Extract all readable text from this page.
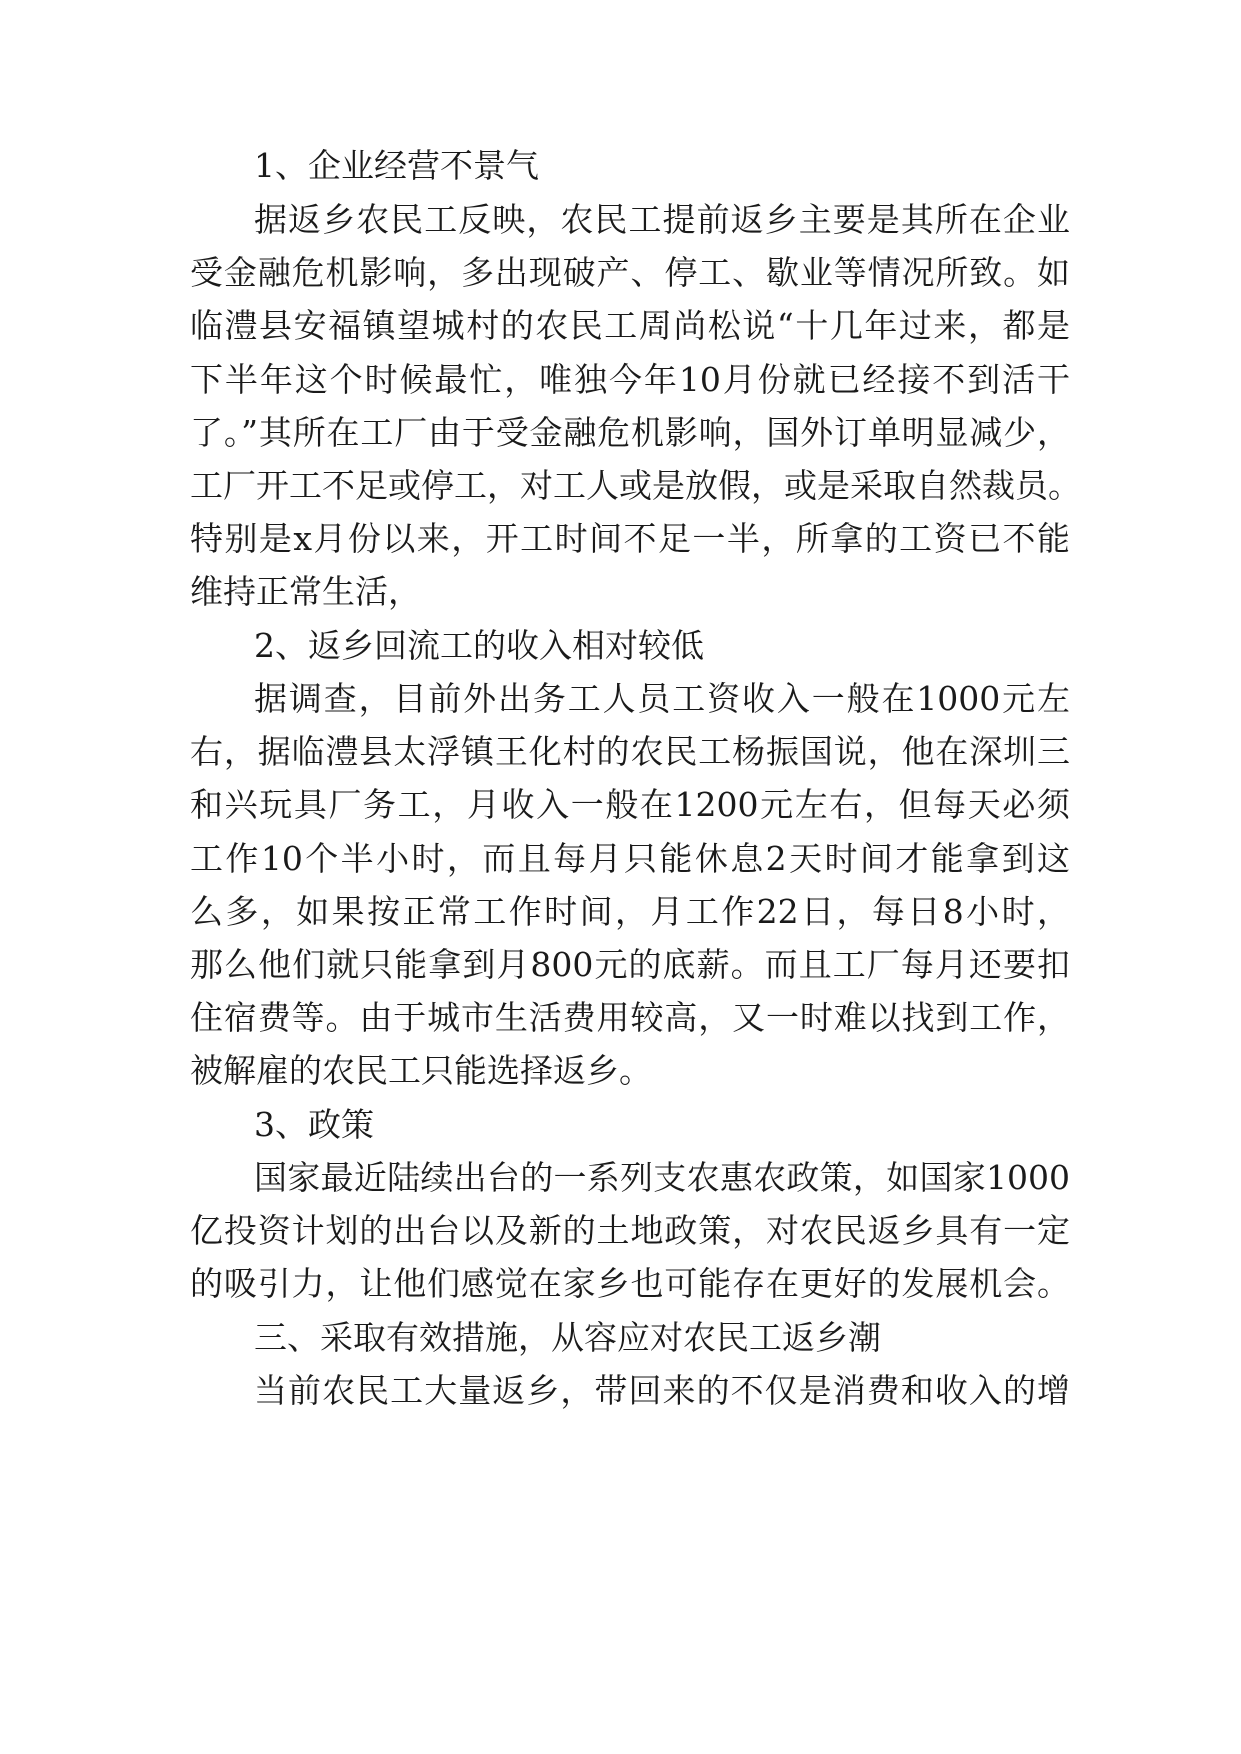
1、企业经营不景气
据返乡农民工反映，农民工提前返乡主要是其所在企业
受金融危机影响，多出现破产、停工、歇业等情况所致。如
临澧县安福镇望城村的农民工周尚松说“十几年过来，都是
下半年这个时候最忙，唯独今年10月份就已经接不到活干
了。”其所在工厂由于受金融危机影响，国外订单明显减少，
工厂开工不足或停工，对工人或是放假，或是采取自然裁员。
特别是x月份以来，开工时间不足一半，所拿的工资已不能
维持正常生活，
2、返乡回流工的收入相对较低
据调查，目前外出务工人员工资收入一般在1000元左
右，据临澧县太浮镇王化村的农民工杨振国说，他在深圳三
和兴玩具厂务工，月收入一般在1200元左右，但每天必须
工作10个半小时，而且每月只能休息2天时间才能拿到这
么多，如果按正常工作时间，月工作22日，每日8小时，
那么他们就只能拿到月800元的底薪。而且工厂每月还要扣
住宿费等。由于城市生活费用较高，又一时难以找到工作，
被解雇的农民工只能选择返乡。
3、政策
国家最近陆续出台的一系列支农惠农政策，如国家1000
亿投资计划的出台以及新的土地政策，对农民返乡具有一定
的吸引力，让他们感觉在家乡也可能存在更好的发展机会。
三、采取有效措施，从容应对农民工返乡潮
当前农民工大量返乡，带回来的不仅是消费和收入的增
